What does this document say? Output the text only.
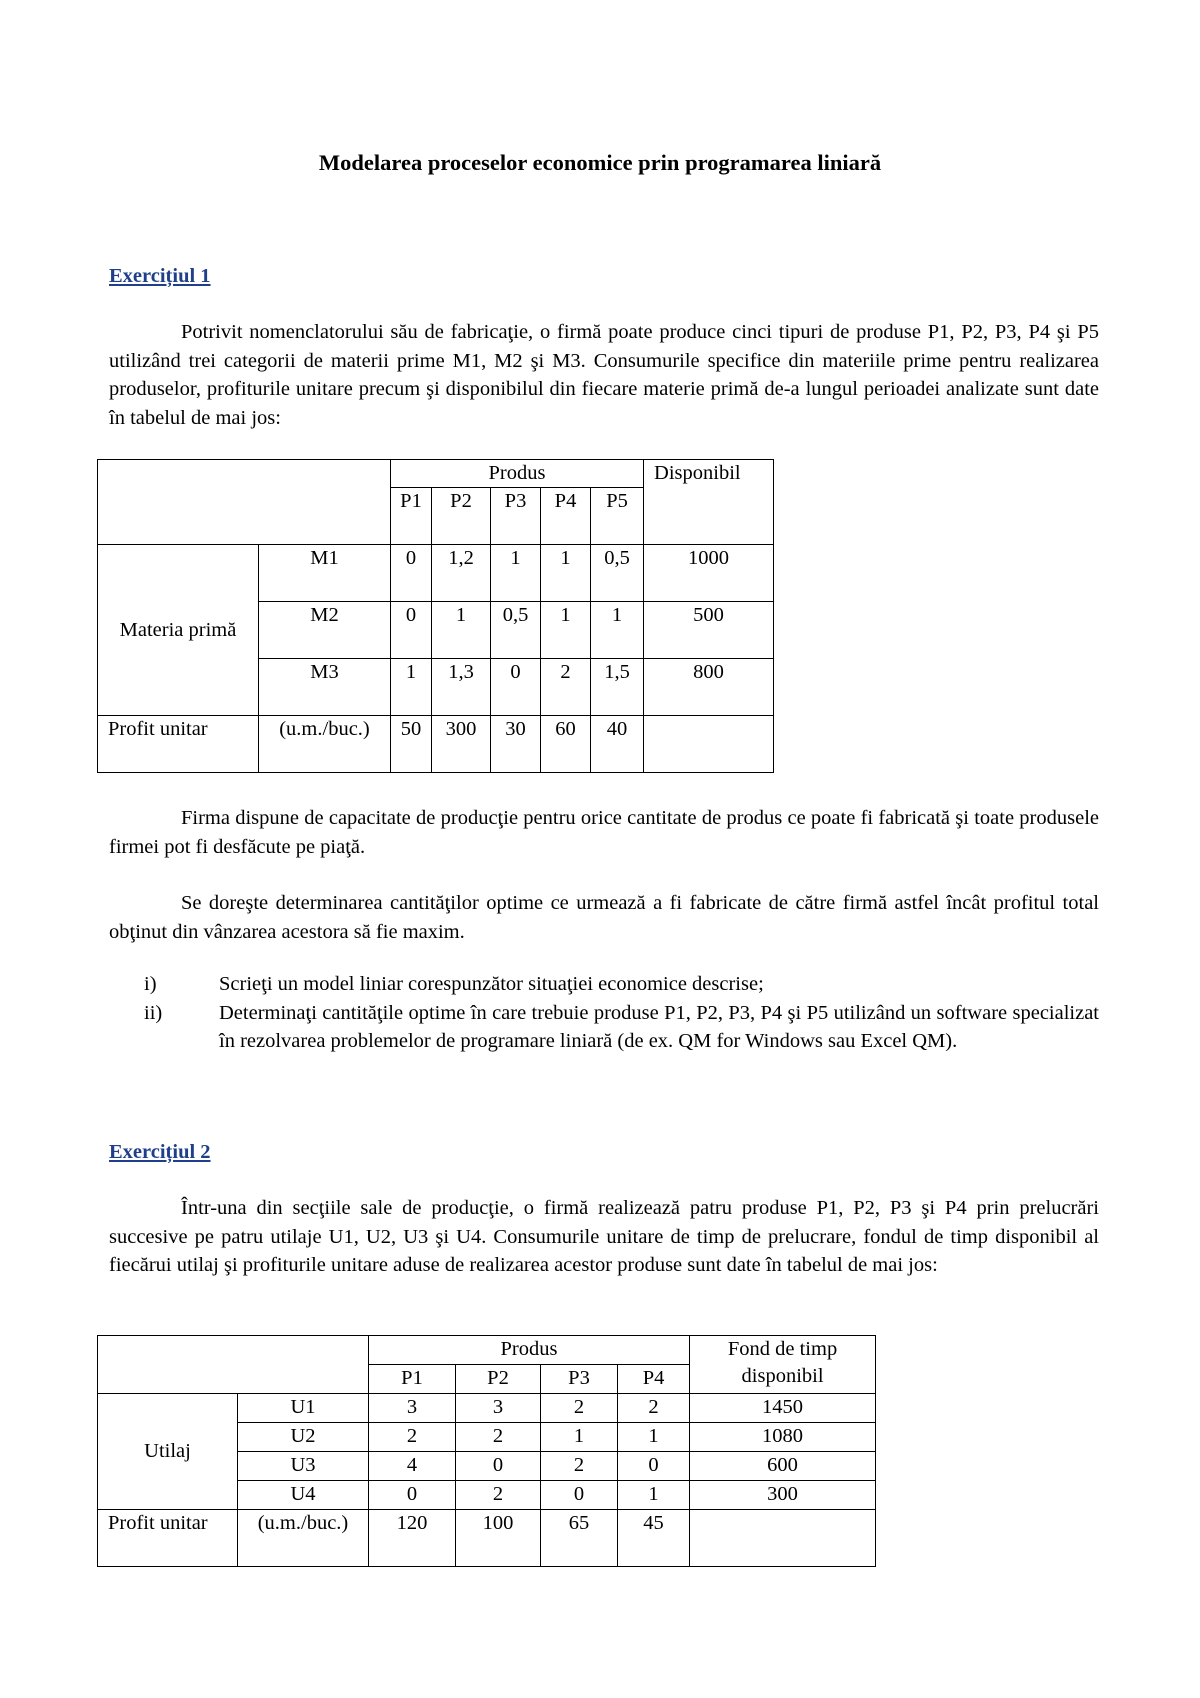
Modelarea proceselor economice prin programarea liniară
Exercițiul 1

Potrivit nomenclatorului său de fabricaţie, o firmă poate produce cinci tipuri de produse P1, P2, P3, P4 şi P5 utilizând trei categorii de materii prime M1, M2 şi M3. Consumurile specifice din materiile prime pentru realizarea produselor, profiturile unitare precum şi disponibilul din fiecare materie primă de-a lungul perioadei analizate sunt date în tabelul de mai jos:

		Produs					Disponibil
		P1	P2	P3	P4	P5	
Materia primă	M1	0	1,2	1	1	0,5	1000
	M2	0	1	0,5	1	1	500
	M3	1	1,3	0	2	1,5	800
Profit unitar	(u.m./buc.)	50	300	30	60	40	

Firma dispune de capacitate de producţie pentru orice cantitate de produs ce poate fi fabricată şi toate produsele firmei pot fi desfăcute pe piaţă.

Se doreşte determinarea cantităţilor optime ce urmează a fi fabricate de către firmă astfel încât profitul total obţinut din vânzarea acestora să fie maxim.

i)	Scrieţi un model liniar corespunzător situaţiei economice descrise;
ii)	Determinaţi cantităţile optime în care trebuie produse P1, P2, P3, P4 şi P5 utilizând un software specializat în rezolvarea problemelor de programare liniară (de ex. QM for Windows sau Excel QM).
Exercițiul 2

Într-una din secţiile sale de producţie, o firmă realizează patru produse P1, P2, P3 şi P4 prin prelucrări succesive pe patru utilaje U1, U2, U3 şi U4. Consumurile unitare de timp de prelucrare, fondul de timp disponibil al fiecărui utilaj şi profiturile unitare aduse de realizarea acestor produse sunt date în tabelul de mai jos:

		Produs				Fond de timp disponibil
		P1	P2	P3	P4	
Utilaj	U1	3	3	2	2	1450
	U2	2	2	1	1	1080
	U3	4	0	2	0	600
	U4	0	2	0	1	300
Profit unitar	(u.m./buc.)	120	100	65	45	
